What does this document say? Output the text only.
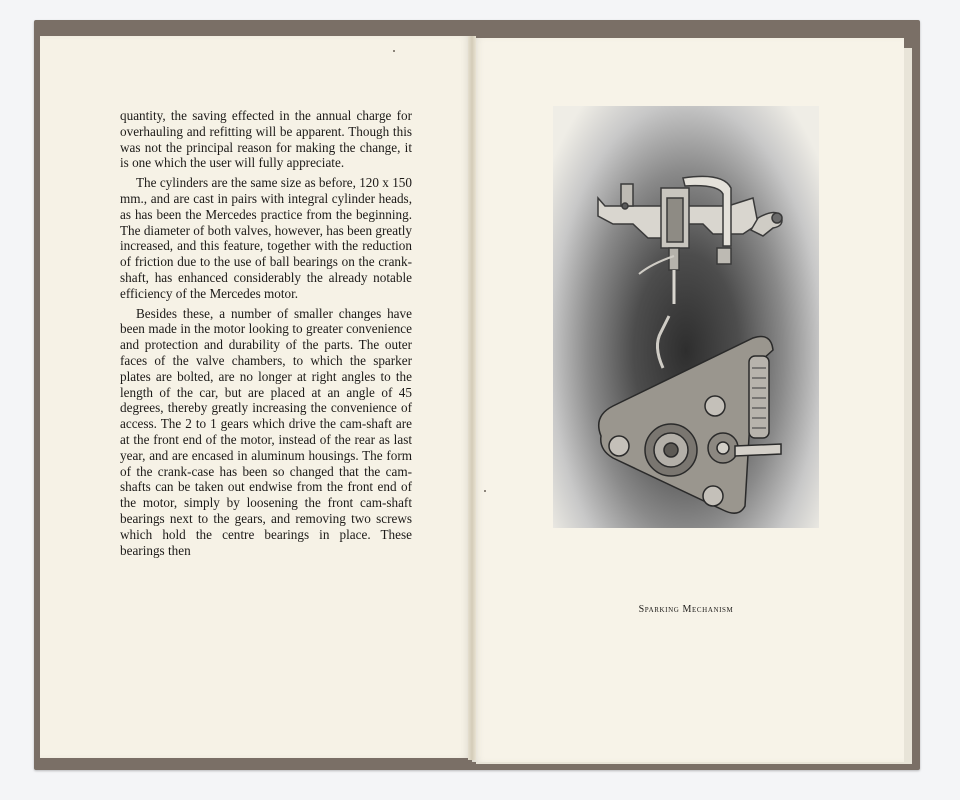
quantity, the saving effected in the annual charge for overhauling and refitting will be apparent. Though this was not the principal reason for making the change, it is one which the user will fully appreciate.

The cylinders are the same size as before, 120 x 150 mm., and are cast in pairs with integral cylinder heads, as has been the Mercedes practice from the beginning. The diameter of both valves, however, has been greatly increased, and this feature, together with the reduction of friction due to the use of ball bearings on the crank-shaft, has enhanced considerably the already notable efficiency of the Mercedes motor.

Besides these, a number of smaller changes have been made in the motor looking to greater convenience and protection and durability of the parts. The outer faces of the valve chambers, to which the sparker plates are bolted, are no longer at right angles to the length of the car, but are placed at an angle of 45 degrees, thereby greatly increasing the convenience of access. The 2 to 1 gears which drive the cam-shaft are at the front end of the motor, instead of the rear as last year, and are encased in aluminum housings. The form of the crank-case has been so changed that the cam-shafts can be taken out endwise from the front end of the motor, simply by loosening the front cam-shaft bearings next to the gears, and removing two screws which hold the centre bearings in place. These bearings then

Sparking Mechanism
